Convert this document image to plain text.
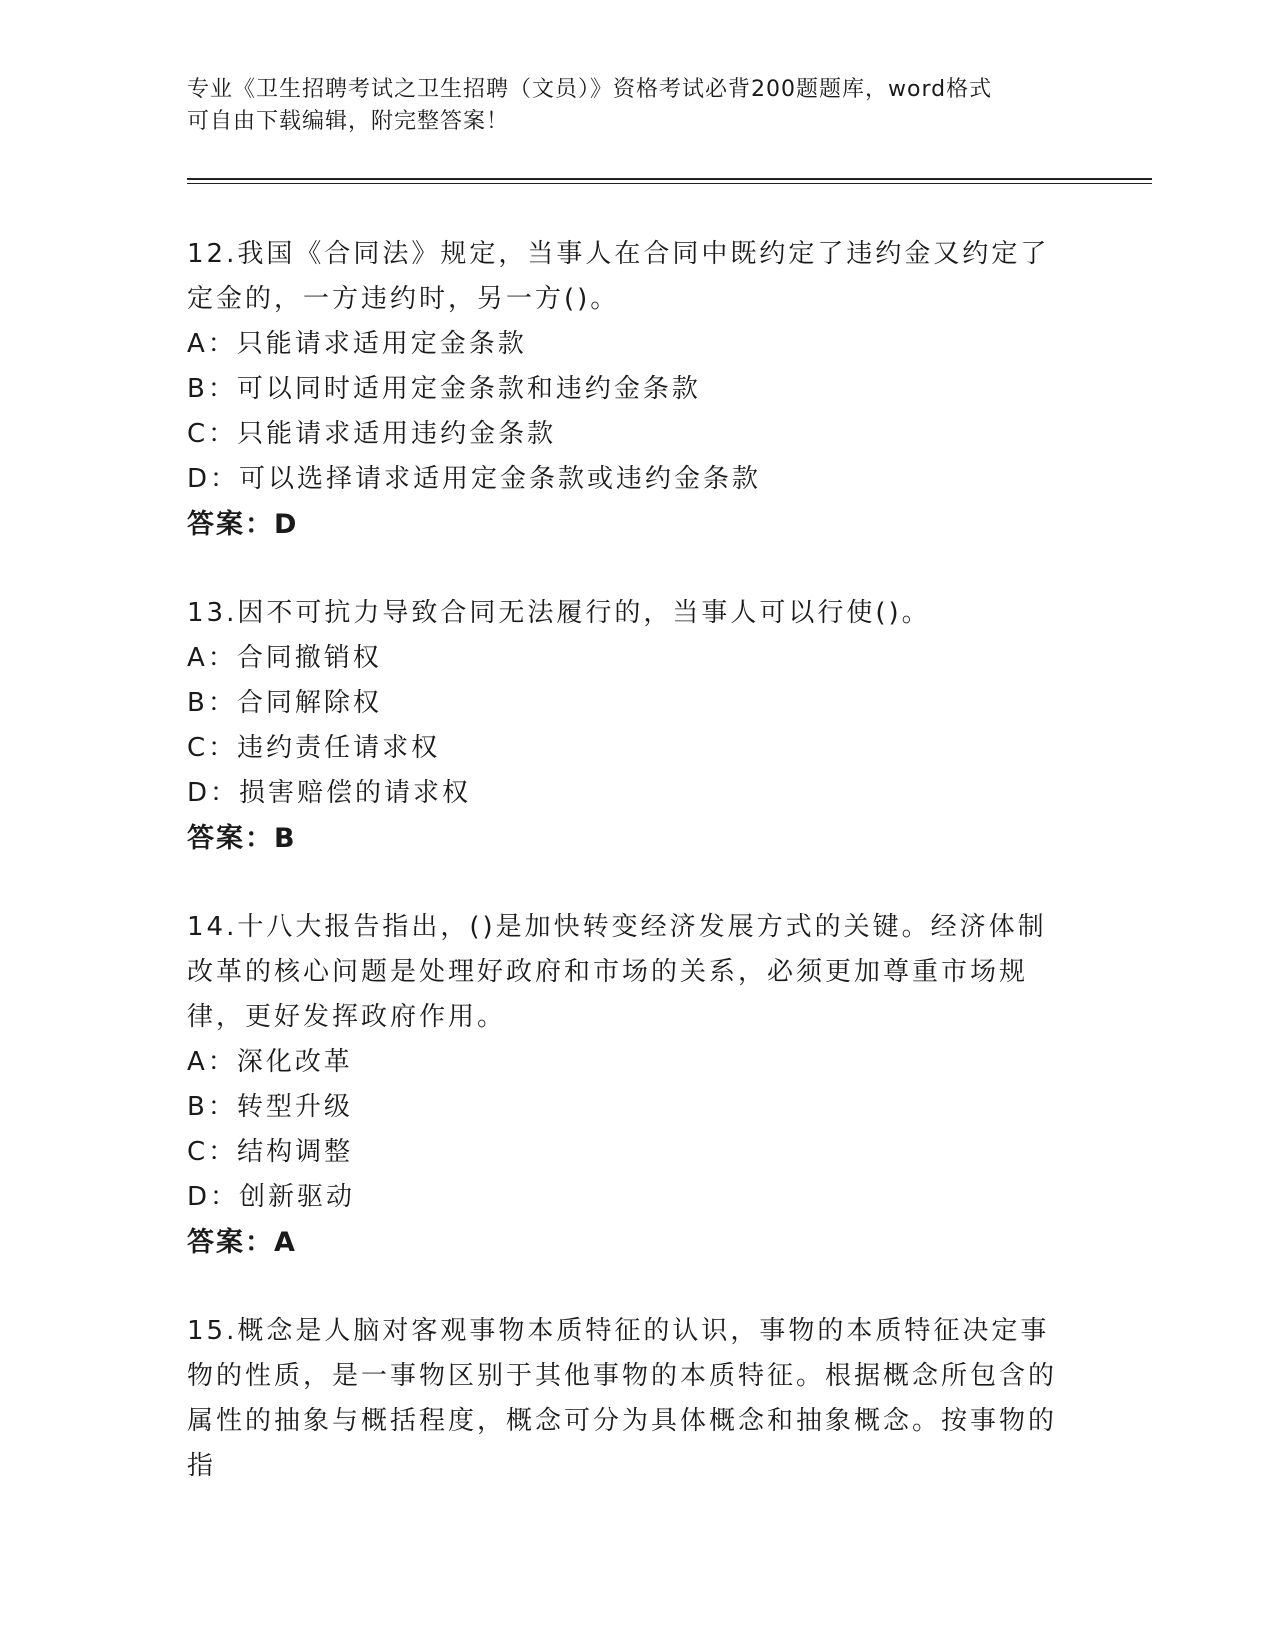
专业《卫生招聘考试之卫生招聘（文员）》资格考试必背200题题库，word格式
可自由下载编辑，附完整答案！
12.我国《合同法》规定，当事人在合同中既约定了违约金又约定了定金的，一方违约时，另一方()。
A：只能请求适用定金条款
B：可以同时适用定金条款和违约金条款
C：只能请求适用违约金条款
D：可以选择请求适用定金条款或违约金条款
答案：D
13.因不可抗力导致合同无法履行的，当事人可以行使()。
A：合同撤销权
B：合同解除权
C：违约责任请求权
D：损害赔偿的请求权
答案：B
14.十八大报告指出，()是加快转变经济发展方式的关键。经济体制改革的核心问题是处理好政府和市场的关系，必须更加尊重市场规律，更好发挥政府作用。
A：深化改革
B：转型升级
C：结构调整
D：创新驱动
答案：A
15.概念是人脑对客观事物本质特征的认识，事物的本质特征决定事物的性质，是一事物区别于其他事物的本质特征。根据概念所包含的属性的抽象与概括程度，概念可分为具体概念和抽象概念。按事物的指
